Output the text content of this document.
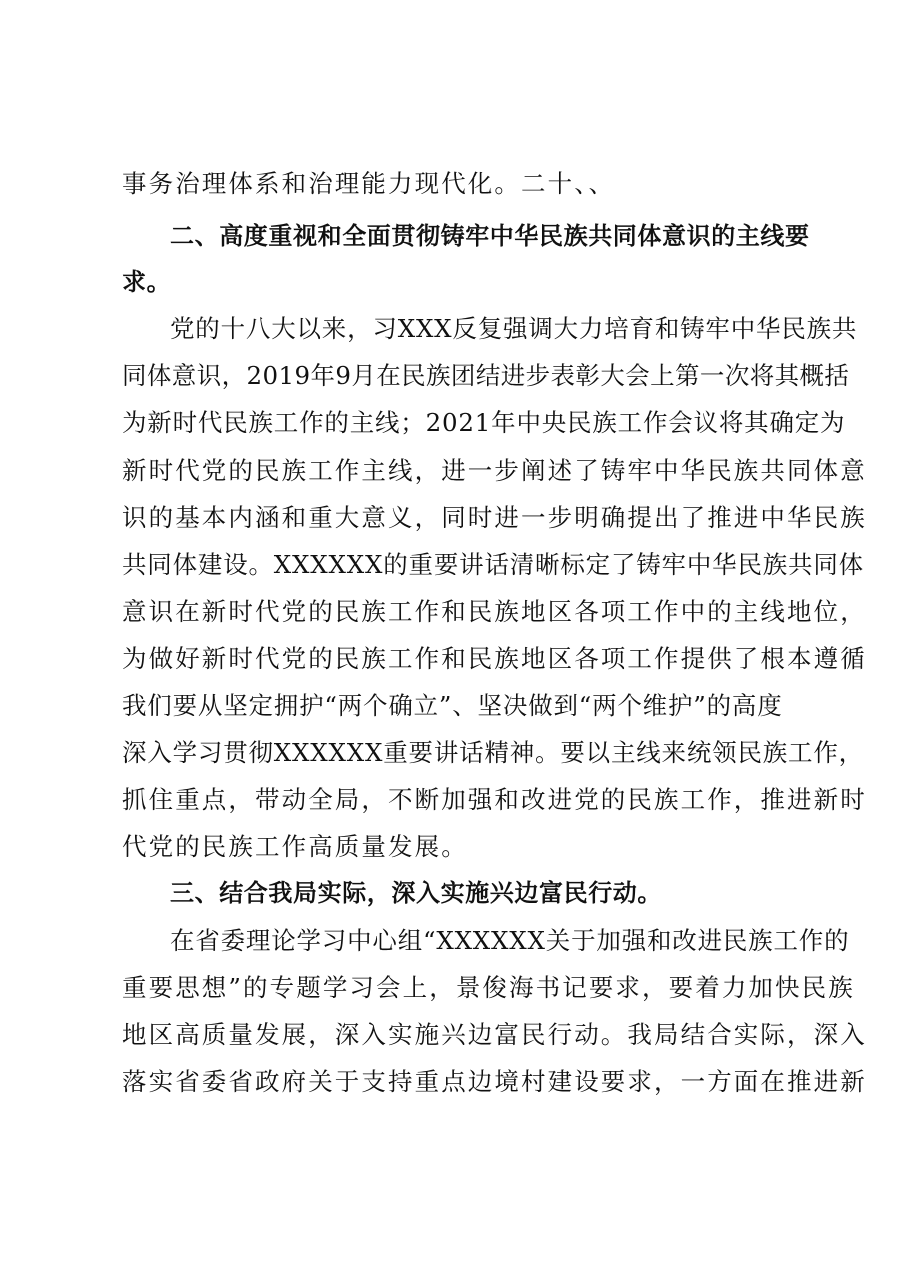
事务治理体系和治理能力现代化。二十、、
二、高度重视和全面贯彻铸牢中华民族共同体意识的主线要
求。
党的十八大以来，习XXX反复强调大力培育和铸牢中华民族共
同体意识，2019年9月在民族团结进步表彰大会上第一次将其概括
为新时代民族工作的主线；2021年中央民族工作会议将其确定为
新时代党的民族工作主线，进一步阐述了铸牢中华民族共同体意
识的基本内涵和重大意义，同时进一步明确提出了推进中华民族
共同体建设。XXXXXX的重要讲话清晰标定了铸牢中华民族共同体
意识在新时代党的民族工作和民族地区各项工作中的主线地位，
为做好新时代党的民族工作和民族地区各项工作提供了根本遵循
我们要从坚定拥护“两个确立”、坚决做到“两个维护”的高度
深入学习贯彻XXXXXX重要讲话精神。要以主线来统领民族工作，
抓住重点，带动全局，不断加强和改进党的民族工作，推进新时
代党的民族工作高质量发展。
三、结合我局实际，深入实施兴边富民行动。
在省委理论学习中心组“XXXXXX关于加强和改进民族工作的
重要思想”的专题学习会上，景俊海书记要求，要着力加快民族
地区高质量发展，深入实施兴边富民行动。我局结合实际，深入
落实省委省政府关于支持重点边境村建设要求，一方面在推进新
